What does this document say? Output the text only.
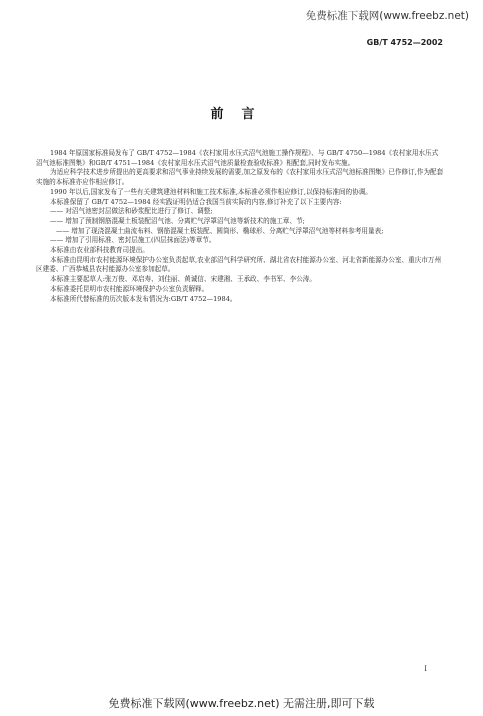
免费标准下载网(www.freebz.net)
GB/T 4752—2002
前言

1984 年原国家标准局发布了 GB/T 4752—1984《农村家用水压式沼气池施工操作规程》、与 GB/T 4750—1984《农村家用水压式沼气池标准图集》和GB/T 4751—1984《农村家用水压式沼气池质量检查验收标准》相配套,同时发布实施。

为适应科学技术进步所提出的更高要求和沼气事业持续发展的需要,加之原发布的《农村家用水压式沼气池标准图集》已作修订,作为配套实施的本标准亦应作相应修订。

1990 年以后,国家发布了一些有关建筑建池材料和施工技术标准,本标准必须作相应修订,以保持标准间的协调。

本标准保留了 GB/T 4752—1984 经实践证明仍适合我国当前实际的内容,修订补充了以下主要内容:

—— 对沼气池密封层做法和砂浆配比进行了修订、调整;

—— 增加了预制钢筋混凝土板装配沼气池、分离贮气浮罩沼气池等新技术的施工章、节;

—— 增加了现浇混凝土曲流布料、钢筋混凝土板装配、圆筒形、椭球形、分离贮气浮罩沼气池等材料参考用量表;

—— 增加了引用标准、密封层施工(四层抹面法)等章节。

本标准由农业部科技教育司提出。

本标准由昆明市农村能源环境保护办公室负责起草,农业部沼气科学研究所、湖北省农村能源办公室、河北省新能源办公室、重庆市万州区建委、广西恭城县农村能源办公室参加起草。

本标准主要起草人:张万俊、邓启寿、刘佳丽、黄诚信、宋建湘、王承政、李书军、李公涛。

本标准委托昆明市农村能源环境保护办公室负责解释。

本标准所代替标准的历次版本发布情况为:GB/T 4752—1984。

I
免费标准下载网(www.freebz.net) 无需注册,即可下载
